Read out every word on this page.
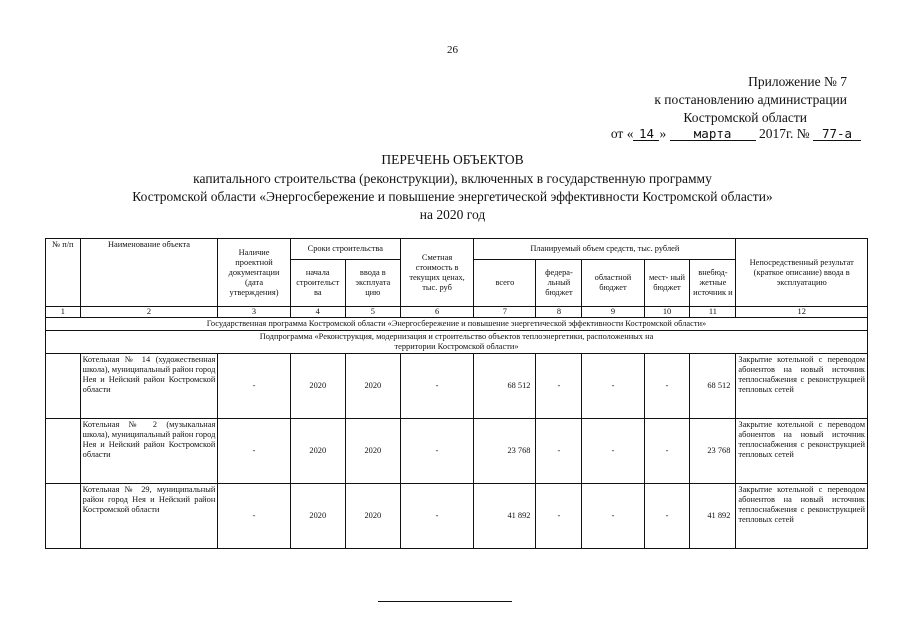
26
Приложение № 7
к постановлению администрации
Костромской области
от « 14 » марта 2017г. № 77-а
ПЕРЕЧЕНЬ ОБЪЕКТОВ
капитального строительства (реконструкции), включенных в государственную программу
Костромской области «Энергосбережение и повышение энергетической эффективности Костромской области»
на 2020 год
№ п/п	Наименование объекта	Наличие проектной документации (дата утверждения)	Сроки строительства		Сметная стоимость в текущих ценах, тыс. руб	Планируемый объем средств, тыс. рублей					Непосредственный результат (краткое описание) ввода в эксплуатацию
			начала строительст ва	ввода в эксплуата цию		всего	федера- льный бюджет	областной бюджет	мест- ный бюджет	внебюд- жетные источник и	
1	2	3	4	5	6	7	8	9	10	11	12
Государственная программа Костромской области «Энергосбережение и повышение энергетической эффективности Костромской области»											
Подпрограмма «Реконструкция, модернизация и строительство объектов теплоэнергетики, расположенных на территории Костромской области»											
	Котельная № 14 (художественная школа), муниципальный район город Нея и Нейский район Костромской области	-	2020	2020	-	68 512	-	-	-	68 512	Закрытие котельной с переводом абонентов на новый источник теплоснабжения с реконструкцией тепловых сетей
	Котельная № 2 (музыкальная школа), муниципальный район город Нея и Нейский район Костромской области	-	2020	2020	-	23 768	-	-	-	23 768	Закрытие котельной с переводом абонентов на новый источник теплоснабжения с реконструкцией тепловых сетей
	Котельная № 29, муниципальный район город Нея и Нейский район Костромской области	-	2020	2020	-	41 892	-	-	-	41 892	Закрытие котельной с переводом абонентов на новый источник теплоснабжения с реконструкцией тепловых сетей
